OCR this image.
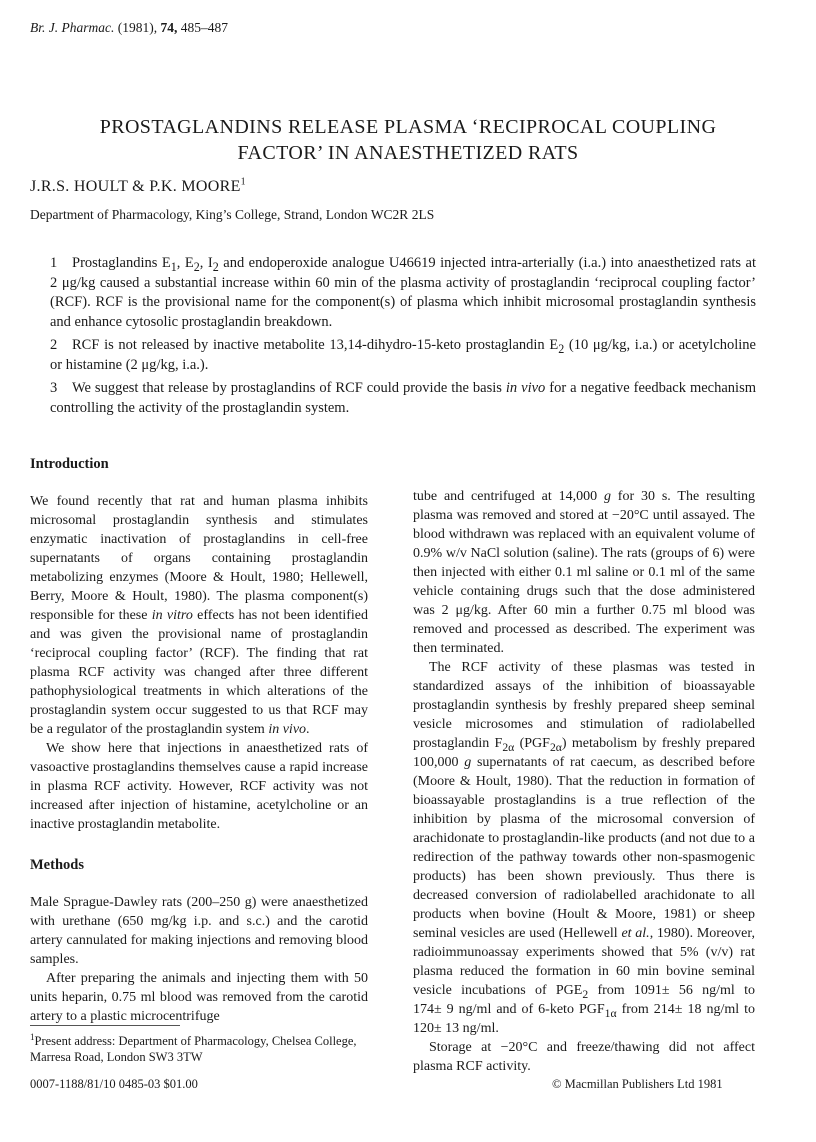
Br. J. Pharmac. (1981), 74, 485–487
PROSTAGLANDINS RELEASE PLASMA ‘RECIPROCAL COUPLING
FACTOR’ IN ANAESTHETIZED RATS
J.R.S. HOULT & P.K. MOORE$^1$
Department of Pharmacology, King’s College, Strand, London WC2R 2LS

1 Prostaglandins $E_1$, $E_2$, $I_2$ and endoperoxide analogue U46619 injected intra-arterially (i.a.) into anaesthetized rats at 2 μg/kg caused a substantial increase within 60 min of the plasma activity of prostaglandin ‘reciprocal coupling factor’ (RCF). RCF is the provisional name for the component(s) of plasma which inhibit microsomal prostaglandin synthesis and enhance cytosolic prostaglandin breakdown.

2 RCF is not released by inactive metabolite 13,14-dihydro-15-keto prostaglandin $E_2$ (10 μg/kg, i.a.) or acetylcholine or histamine (2 μg/kg, i.a.).

3 We suggest that release by prostaglandins of RCF could provide the basis in vivo for a negative feedback mechanism controlling the activity of the prostaglandin system.

Introduction

We found recently that rat and human plasma inhibits microsomal prostaglandin synthesis and stimulates enzymatic inactivation of prostaglandins in cell-free supernatants of organs containing prostaglandin metabolizing enzymes (Moore & Hoult, 1980; Hellewell, Berry, Moore & Hoult, 1980). The plasma component(s) responsible for these in vitro effects has not been identified and was given the provisional name of prostaglandin ‘reciprocal coupling factor’ (RCF). The finding that rat plasma RCF activity was changed after three different pathophysiological treatments in which alterations of the prostaglandin system occur suggested to us that RCF may be a regulator of the prostaglandin system in vivo.

We show here that injections in anaesthetized rats of vasoactive prostaglandins themselves cause a rapid increase in plasma RCF activity. However, RCF activity was not increased after injection of histamine, acetylcholine or an inactive prostaglandin metabolite.

Methods

Male Sprague-Dawley rats (200–250 g) were anaesthetized with urethane (650 mg/kg i.p. and s.c.) and the carotid artery cannulated for making injections and removing blood samples.

After preparing the animals and injecting them with 50 units heparin, 0.75 ml blood was removed from the carotid artery to a plastic microcentrifuge

tube and centrifuged at 14,000 g for 30 s. The resulting plasma was removed and stored at −20°C until assayed. The blood withdrawn was replaced with an equivalent volume of 0.9% w/v NaCl solution (saline). The rats (groups of 6) were then injected with either 0.1 ml saline or 0.1 ml of the same vehicle containing drugs such that the dose administered was 2 μg/kg. After 60 min a further 0.75 ml blood was removed and processed as described. The experiment was then terminated.

The RCF activity of these plasmas was tested in standardized assays of the inhibition of bioassayable prostaglandin synthesis by freshly prepared sheep seminal vesicle microsomes and stimulation of radiolabelled prostaglandin $F_{2\alpha}$ $(PGF_{2\alpha})$ metabolism by freshly prepared 100,000 g supernatants of rat caecum, as described before (Moore & Hoult, 1980). That the reduction in formation of bioassayable prostaglandins is a true reflection of the inhibition by plasma of the microsomal conversion of arachidonate to prostaglandin-like products (and not due to a redirection of the pathway towards other non-spasmogenic products) has been shown previously. Thus there is decreased conversion of radiolabelled arachidonate to all products when bovine (Hoult & Moore, 1981) or sheep seminal vesicles are used (Hellewell et al., 1980). Moreover, radioimmunoassay experiments showed that 5% (v/v) rat plasma reduced the formation in 60 min bovine seminal vesicle incubations of $PGE_2$ from 1091± 56 ng/ml to 174± 9 ng/ml and of 6-keto $PGF_{1\alpha}$ from 214± 18 ng/ml to 120± 13 ng/ml.

Storage at −20°C and freeze/thawing did not affect plasma RCF activity.

$^1$Present address: Department of Pharmacology, Chelsea College, Marresa Road, London SW3 3TW
0007-1188/81/10 0485-03 $01.00	© Macmillan Publishers Ltd 1981
